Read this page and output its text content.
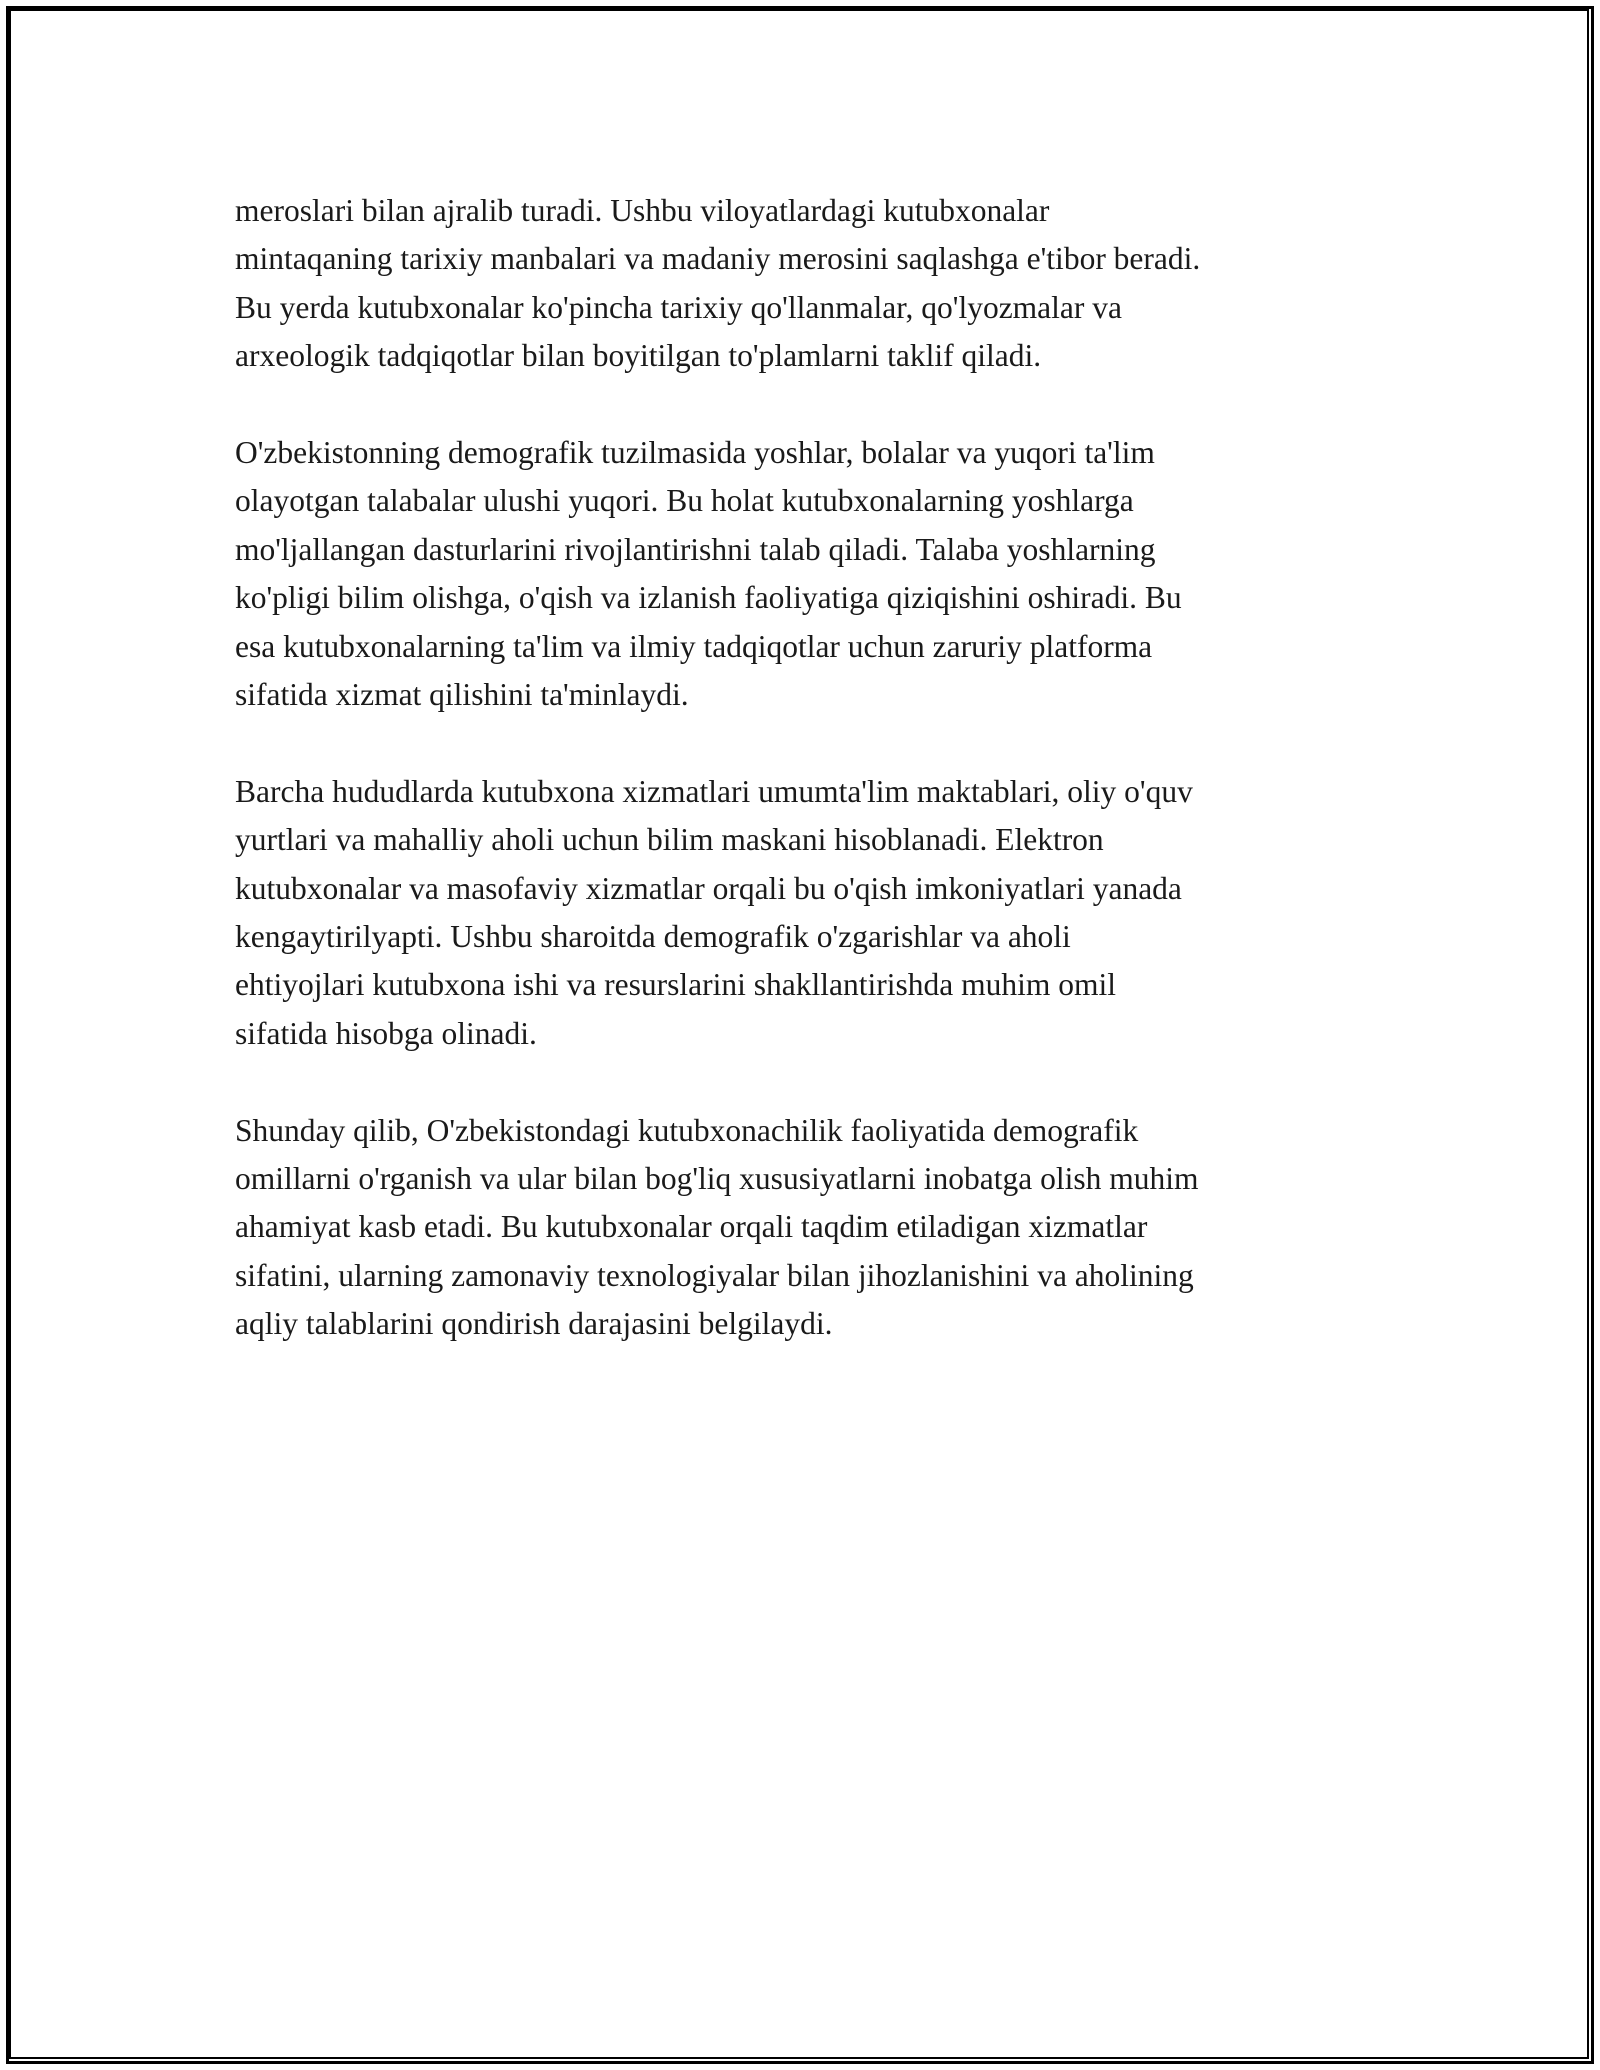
meroslari bilan ajralib turadi. Ushbu viloyatlardagi kutubxonalar
mintaqaning tarixiy manbalari va madaniy merosini saqlashga e'tibor beradi.
Bu yerda kutubxonalar ko'pincha tarixiy qo'llanmalar, qo'lyozmalar va
arxeologik tadqiqotlar bilan boyitilgan to'plamlarni taklif qiladi.

O'zbekistonning demografik tuzilmasida yoshlar, bolalar va yuqori ta'lim
olayotgan talabalar ulushi yuqori. Bu holat kutubxonalarning yoshlarga
mo'ljallangan dasturlarini rivojlantirishni talab qiladi. Talaba yoshlarning
ko'pligi bilim olishga, o'qish va izlanish faoliyatiga qiziqishini oshiradi. Bu
esa kutubxonalarning ta'lim va ilmiy tadqiqotlar uchun zaruriy platforma
sifatida xizmat qilishini ta'minlaydi.

Barcha hududlarda kutubxona xizmatlari umumta'lim maktablari, oliy o'quv
yurtlari va mahalliy aholi uchun bilim maskani hisoblanadi. Elektron
kutubxonalar va masofaviy xizmatlar orqali bu o'qish imkoniyatlari yanada
kengaytirilyapti. Ushbu sharoitda demografik o'zgarishlar va aholi
ehtiyojlari kutubxona ishi va resurslarini shakllantirishda muhim omil
sifatida hisobga olinadi.

Shunday qilib, O'zbekistondagi kutubxonachilik faoliyatida demografik
omillarni o'rganish va ular bilan bog'liq xususiyatlarni inobatga olish muhim
ahamiyat kasb etadi. Bu kutubxonalar orqali taqdim etiladigan xizmatlar
sifatini, ularning zamonaviy texnologiyalar bilan jihozlanishini va aholining
aqliy talablarini qondirish darajasini belgilaydi.
